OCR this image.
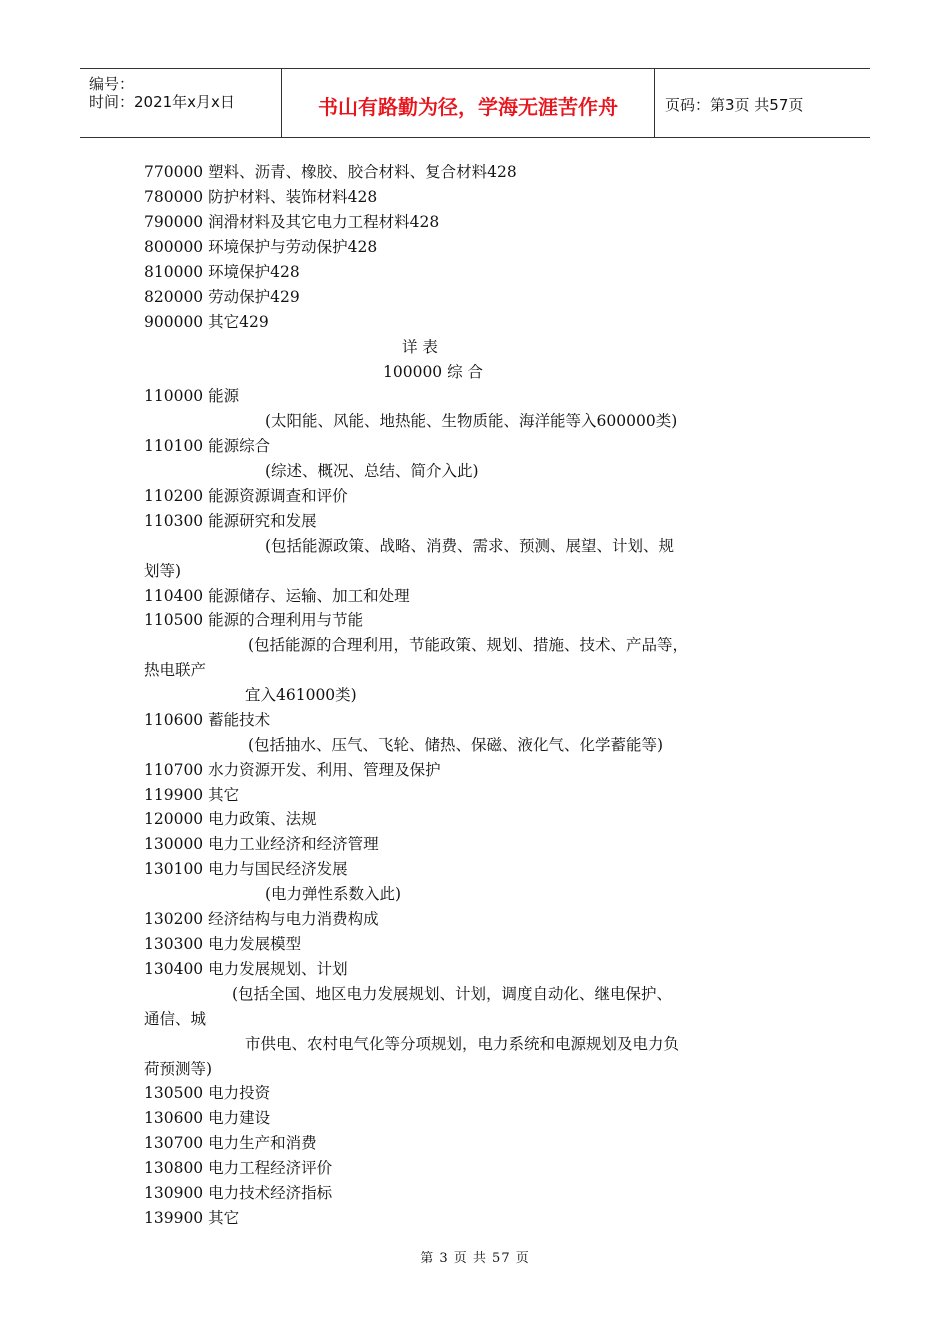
编号：
时间：2021年x月x日	书山有路勤为径，学海无涯苦作舟	页码：第3页 共57页
770000 塑料、沥青、橡胶、胶合材料、复合材料428
780000 防护材料、装饰材料428
790000 润滑材料及其它电力工程材料428
800000 环境保护与劳动保护428
810000 环境保护428
820000 劳动保护429
900000 其它429
详 表
100000 综 合
110000 能源
(太阳能、风能、地热能、生物质能、海洋能等入600000类)
110100 能源综合
(综述、概况、总结、简介入此)
110200 能源资源调查和评价
110300 能源研究和发展
(包括能源政策、战略、消费、需求、预测、展望、计划、规
划等)
110400 能源储存、运输、加工和处理
110500 能源的合理利用与节能
(包括能源的合理利用，节能政策、规划、措施、技术、产品等，
热电联产
宜入461000类)
110600 蓄能技术
(包括抽水、压气、飞轮、储热、保磁、液化气、化学蓄能等)
110700 水力资源开发、利用、管理及保护
119900 其它
120000 电力政策、法规
130000 电力工业经济和经济管理
130100 电力与国民经济发展
(电力弹性系数入此)
130200 经济结构与电力消费构成
130300 电力发展模型
130400 电力发展规划、计划
(包括全国、地区电力发展规划、计划，调度自动化、继电保护、
通信、城
市供电、农村电气化等分项规划，电力系统和电源规划及电力负
荷预测等)
130500 电力投资
130600 电力建设
130700 电力生产和消费
130800 电力工程经济评价
130900 电力技术经济指标
139900 其它
第 3 页 共 57 页
